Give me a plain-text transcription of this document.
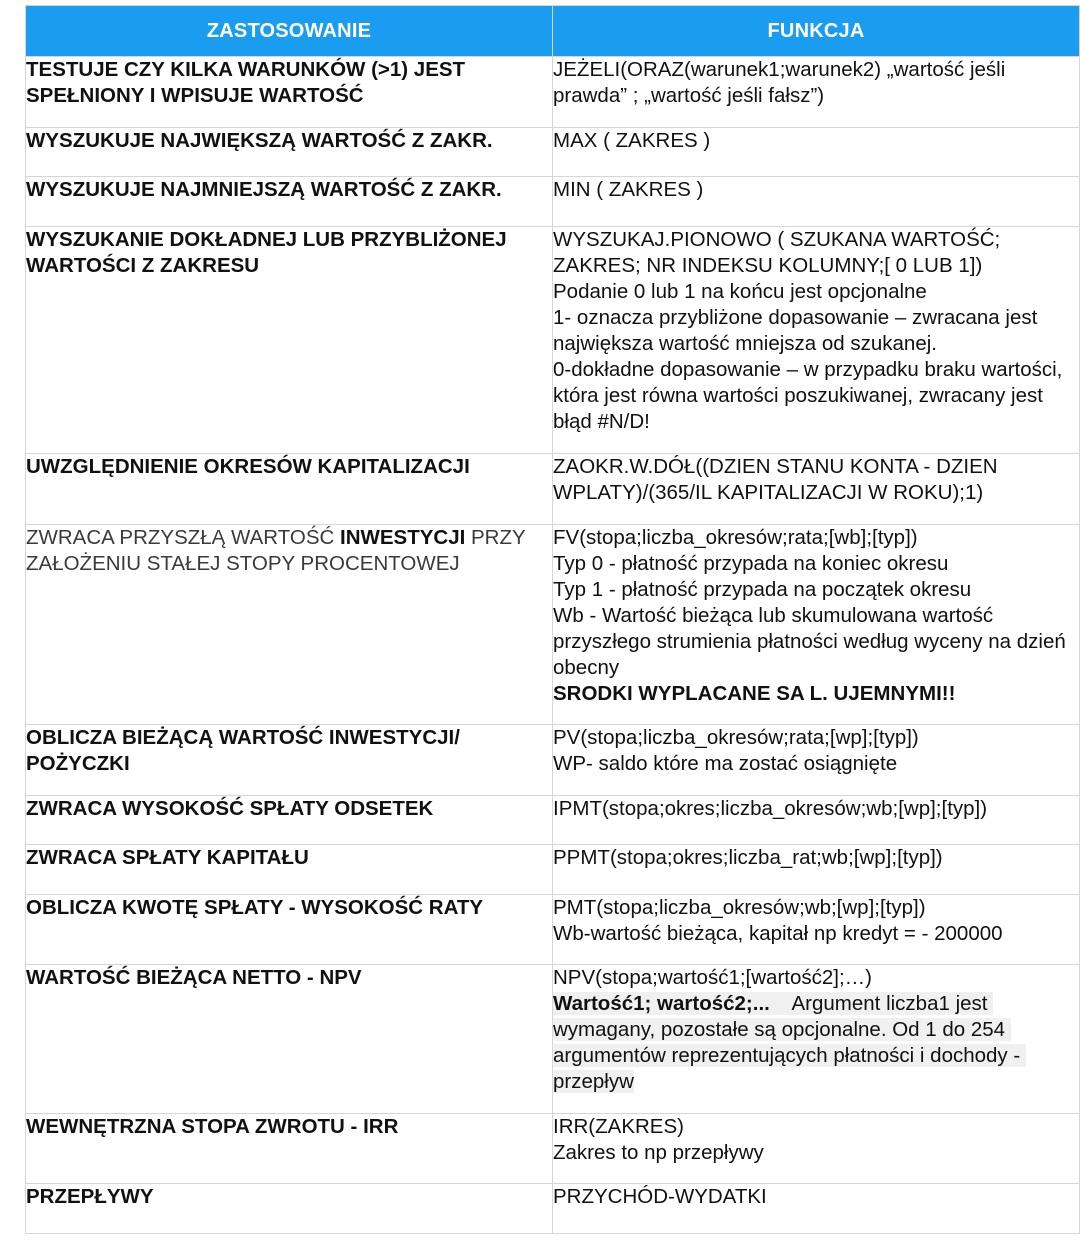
ZASTOSOWANIE	FUNKCJA
TESTUJE CZY KILKA WARUNKÓW (>1) JEST SPEŁNIONY I WPISUJE WARTOŚĆ	JEŻELI(ORAZ(warunek1;warunek2) „wartość jeśli prawda” ; „wartość jeśli fałsz”)

WYSZUKUJE NAJWIĘKSZĄ WARTOŚĆ Z ZAKR.	MAX ( ZAKRES )

WYSZUKUJE NAJMNIEJSZĄ WARTOŚĆ Z ZAKR.	MIN ( ZAKRES )

WYSZUKANIE DOKŁADNEJ LUB PRZYBLIŻONEJ WARTOŚCI Z ZAKRESU	WYSZUKAJ.PIONOWO ( SZUKANA WARTOŚĆ; ZAKRES; NR INDEKSU KOLUMNY;[ 0 LUB 1])
Podanie 0 lub 1 na końcu jest opcjonalne
1- oznacza przybliżone dopasowanie – zwracana jest największa wartość mniejsza od szukanej.
0-dokładne dopasowanie – w przypadku braku wartości, która jest równa wartości poszukiwanej, zwracany jest błąd #N/D!

UWZGLĘDNIENIE OKRESÓW KAPITALIZACJI	ZAOKR.W.DÓŁ((DZIEN STANU KONTA - DZIEN WPLATY)/(365/IL KAPITALIZACJI W ROKU);1)

ZWRACA PRZYSZŁĄ WARTOŚĆ INWESTYCJI PRZY ZAŁOŻENIU STAŁEJ STOPY PROCENTOWEJ	FV(stopa;liczba_okresów;rata;[wb];[typ])
Typ 0 - płatność przypada na koniec okresu
Typ 1 - płatność przypada na początek okresu
Wb - Wartość bieżąca lub skumulowana wartość przyszłego strumienia płatności według wyceny na dzień obecny
SRODKI WYPLACANE SA L. UJEMNYMI!!

OBLICZA BIEŻĄCĄ WARTOŚĆ INWESTYCJI/ POŻYCZKI	PV(stopa;liczba_okresów;rata;[wp];[typ])
WP- saldo które ma zostać osiągnięte

ZWRACA WYSOKOŚĆ SPŁATY ODSETEK	IPMT(stopa;okres;liczba_okresów;wb;[wp];[typ])

ZWRACA SPŁATY KAPITAŁU	PPMT(stopa;okres;liczba_rat;wb;[wp];[typ])

OBLICZA KWOTĘ SPŁATY - WYSOKOŚĆ RATY	PMT(stopa;liczba_okresów;wb;[wp];[typ])
Wb-wartość bieżąca, kapitał np kredyt = - 200000

WARTOŚĆ BIEŻĄCA NETTO - NPV	NPV(stopa;wartość1;[wartość2];…)
Wartość1; wartość2;...    Argument liczba1 jest wymagany, pozostałe są opcjonalne. Od 1 do 254 argumentów reprezentujących płatności i dochody - przepływ

WEWNĘTRZNA STOPA ZWROTU - IRR	IRR(ZAKRES)
Zakres to np przepływy

PRZEPŁYWY	PRZYCHÓD-WYDATKI
